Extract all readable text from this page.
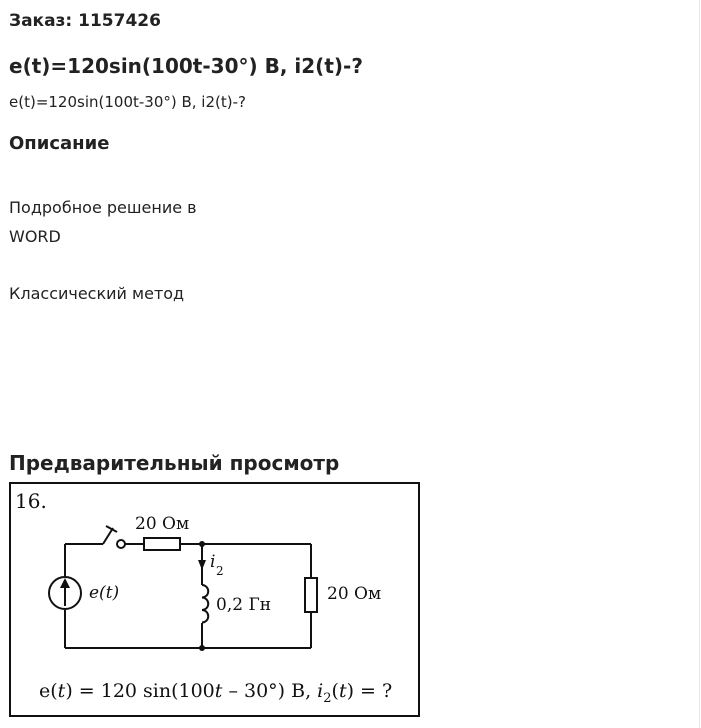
Заказ: 1157426
e(t)=120sin(100t-30°) В, i2(t)-?
e(t)=120sin(100t-30°) В, i2(t)-?
Описание
Подробное решение в
WORD
Классический метод
Предварительный просмотр
16.
20 Ом
e(t)
i 2
0,2 Гн
20 Ом
e(t) = 120 sin(100t – 30°) В, $i_2(t)$ = ?
